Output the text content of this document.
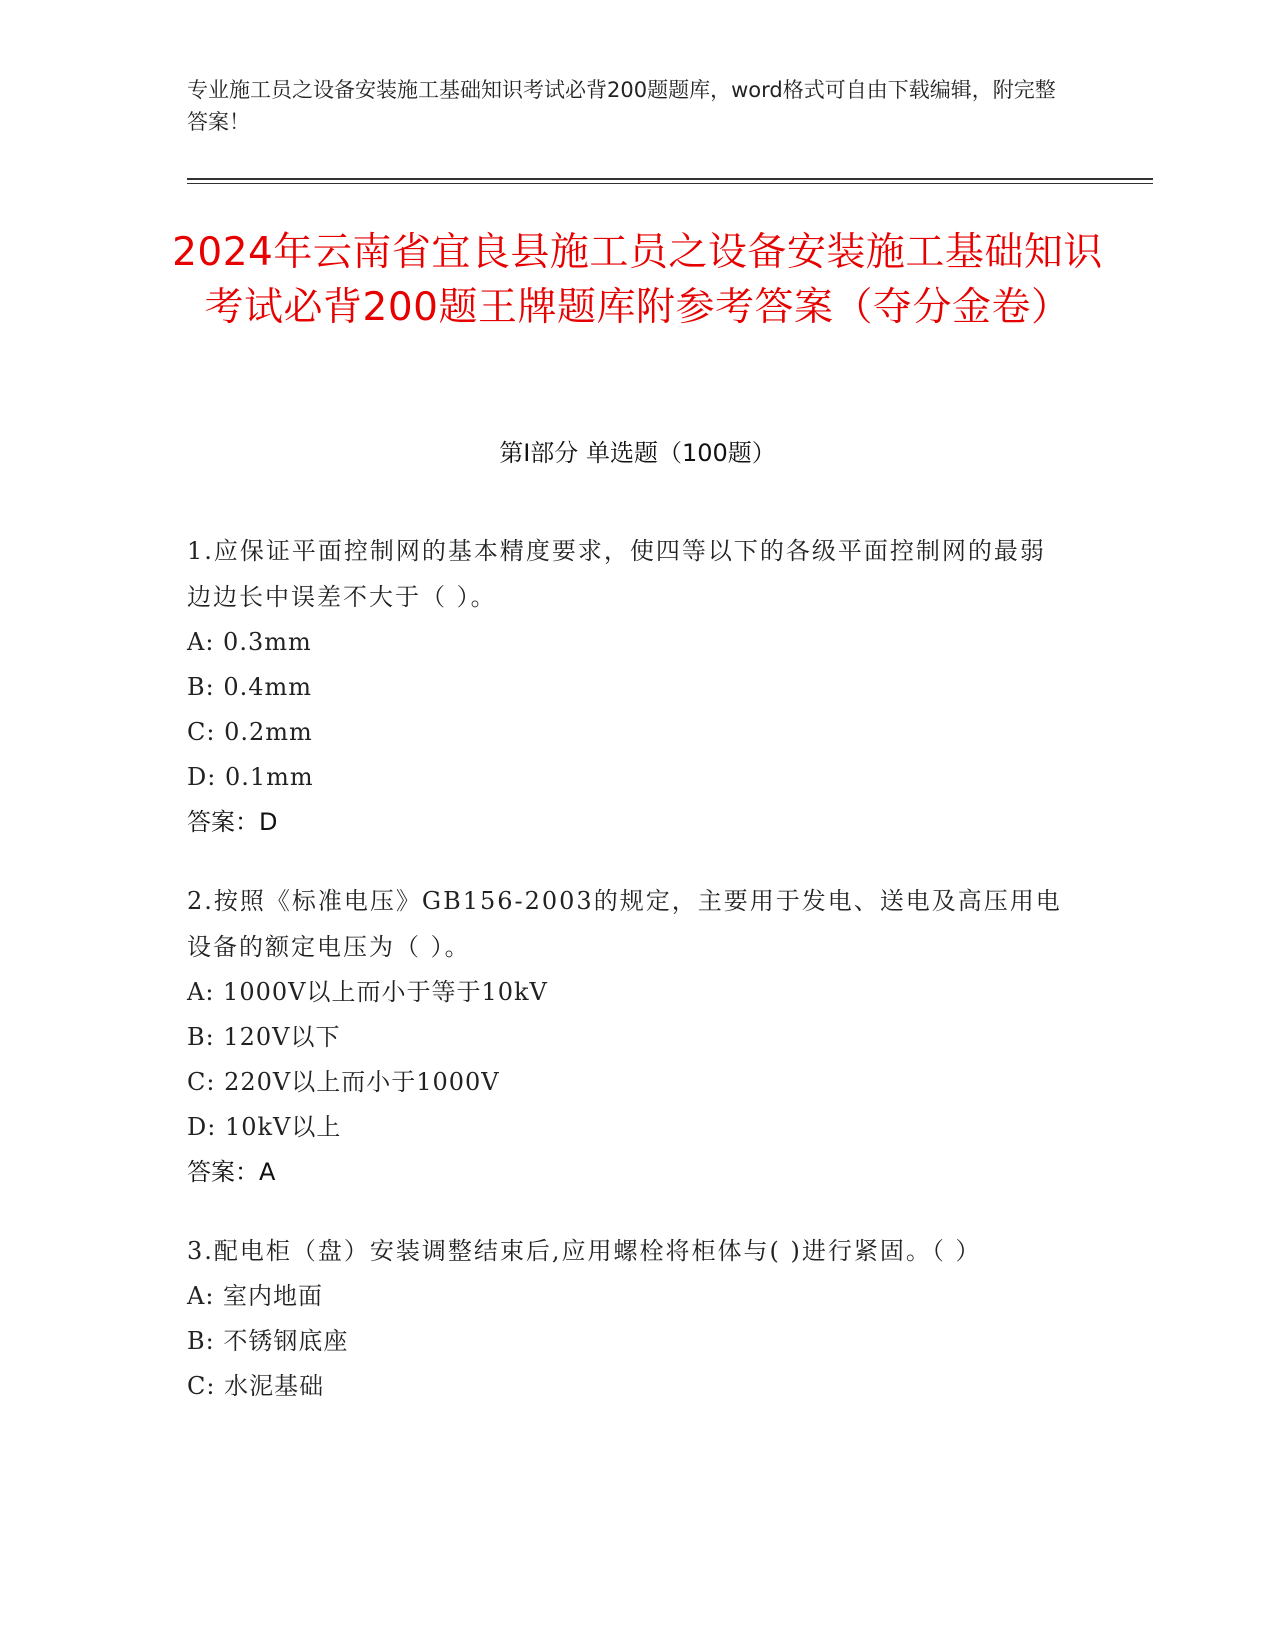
专业施工员之设备安装施工基础知识考试必背200题题库，word格式可自由下载编辑，附完整答案！
2024年云南省宜良县施工员之设备安装施工基础知识考试必背200题王牌题库附参考答案（夺分金卷）
第I部分 单选题（100题）
1.应保证平面控制网的基本精度要求，使四等以下的各级平面控制网的最弱边边长中误差不大于（ ）。
A: 0.3mm
B: 0.4mm
C: 0.2mm
D: 0.1mm
答案：D
2.按照《标准电压》GB156-2003的规定，主要用于发电、送电及高压用电设备的额定电压为（ ）。
A: 1000V以上而小于等于10kV
B: 120V以下
C: 220V以上而小于1000V
D: 10kV以上
答案：A
3.配电柜（盘）安装调整结束后,应用螺栓将柜体与( )进行紧固。（ ）
A: 室内地面
B: 不锈钢底座
C: 水泥基础
